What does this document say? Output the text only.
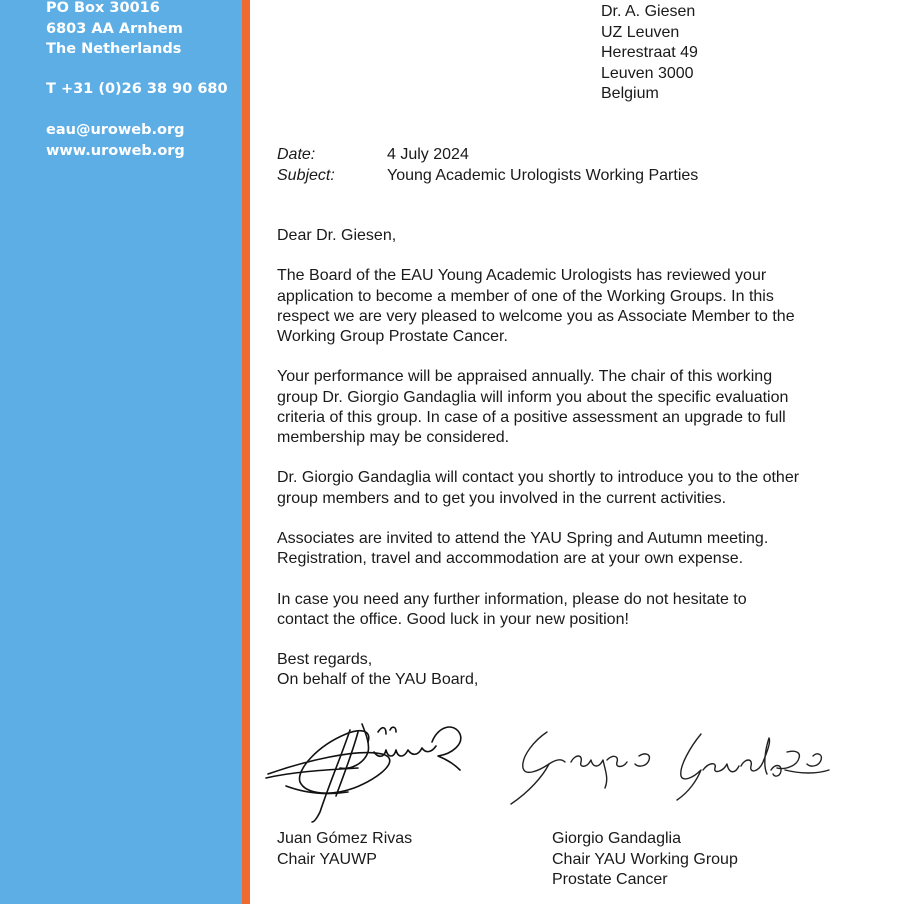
PO Box 30016
6803 AA Arnhem
The Netherlands
T +31 (0)26 38 90 680
eau@uroweb.org
www.uroweb.org
Dr. A. Giesen
UZ Leuven
Herestraat 49
Leuven 3000
Belgium
Date:	4 July 2024
Subject:	Young Academic Urologists Working Parties

Dear Dr. Giesen,

The Board of the EAU Young Academic Urologists has reviewed your
application to become a member of one of the Working Groups. In this
respect we are very pleased to welcome you as Associate Member to the
Working Group Prostate Cancer.

Your performance will be appraised annually. The chair of this working
group Dr. Giorgio Gandaglia will inform you about the specific evaluation
criteria of this group. In case of a positive assessment an upgrade to full
membership may be considered.

Dr. Giorgio Gandaglia will contact you shortly to introduce you to the other
group members and to get you involved in the current activities.

Associates are invited to attend the YAU Spring and Autumn meeting.
Registration, travel and accommodation are at your own expense.

In case you need any further information, please do not hesitate to
contact the office. Good luck in your new position!

Best regards,
On behalf of the YAU Board,

Juan Gómez Rivas
Chair YAUWP
Giorgio Gandaglia
Chair YAU Working Group
Prostate Cancer
